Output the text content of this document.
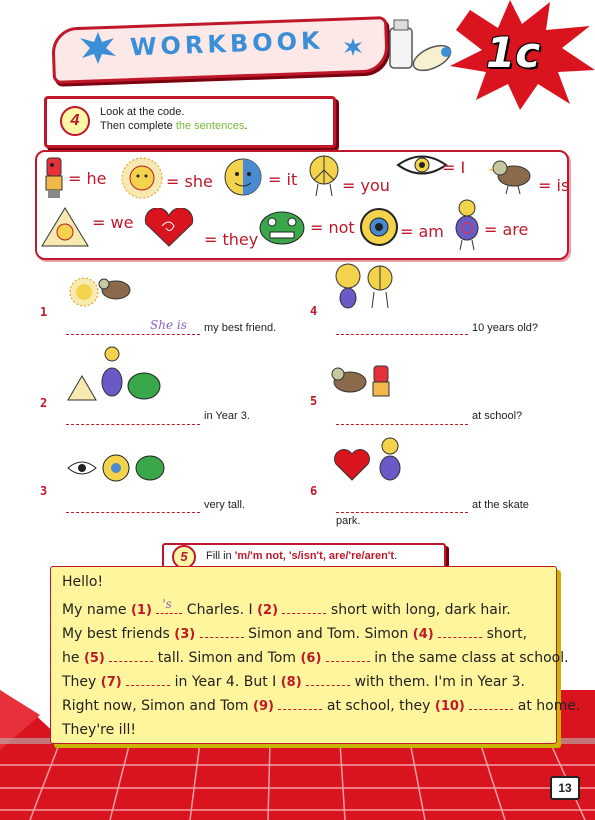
WORKBOOK	1c
4	Look at the code.
Then complete the sentences.
= he	= she	= it	= you
= I
= is
= we
= they
= not	= am	= are
1
She is my best friend.
2
in Year 3.
3
very tall.
4
10 years old?
5
at school?
6
at the skate
park.
5	Fill in 'm/'m not, 's/isn't, are/'re/aren't.
Hello!
My name (1) 's Charles. I (2)	short with long, dark hair.
My best friends (3)	Simon and Tom. Simon (4)	short,
he (5)	tall. Simon and Tom (6)	in the same class at school.
They (7)	in Year 4. But I (8)	with them. I'm in Year 3.
Right now, Simon and Tom (9)	at school, they (10)	at home.
They're ill!
13
